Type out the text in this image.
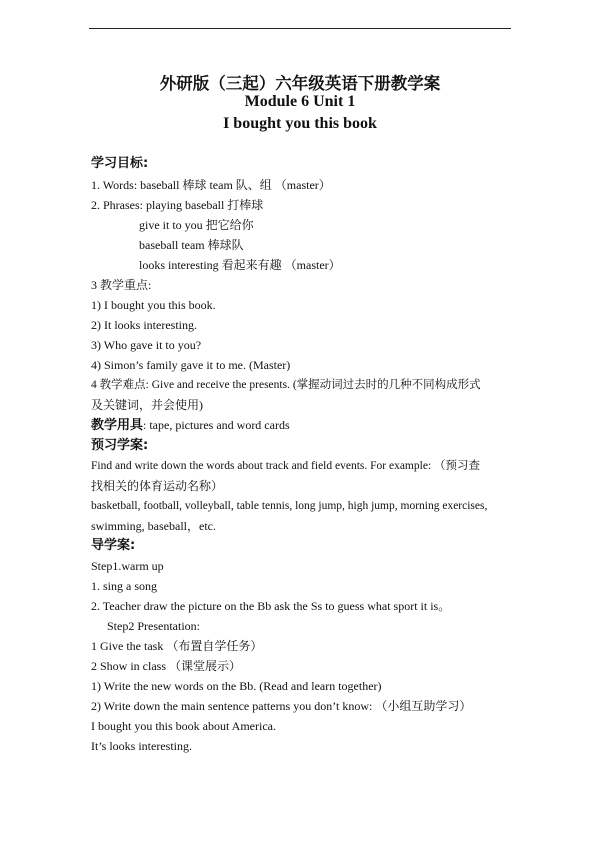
外研版（三起）六年级英语下册教学案
Module 6 Unit 1
I bought you this book
学习目标:
1. Words: baseball 棒球 team 队、组 （master）
2. Phrases: playing baseball 打棒球
give it to you 把它给你
baseball team 棒球队
looks interesting 看起来有趣 （master）
3 教学重点:
1) I bought you this book.
2) It looks interesting.
3) Who gave it to you?
4) Simon’s family gave it to me. (Master)
4 教学难点: Give and receive the presents. (掌握动词过去时的几种不同构成形式
及关键词，并会使用)
教学用具: tape, pictures and word cards
预习学案:
Find and write down the words about track and field events. For example: （预习查
找相关的体育运动名称）
basketball, football, volleyball, table tennis, long jump, high jump, morning exercises,
swimming, baseball，etc.
导学案:
Step1.warm up
1. sing a song
2. Teacher draw the picture on the Bb ask the Ss to guess what sport it is。
Step2 Presentation:
1 Give the task （布置自学任务）
2 Show in class （课堂展示）
1) Write the new words on the Bb. (Read and learn together)
2) Write down the main sentence patterns you don’t know: （小组互助学习）
I bought you this book about America.
It’s looks interesting.
